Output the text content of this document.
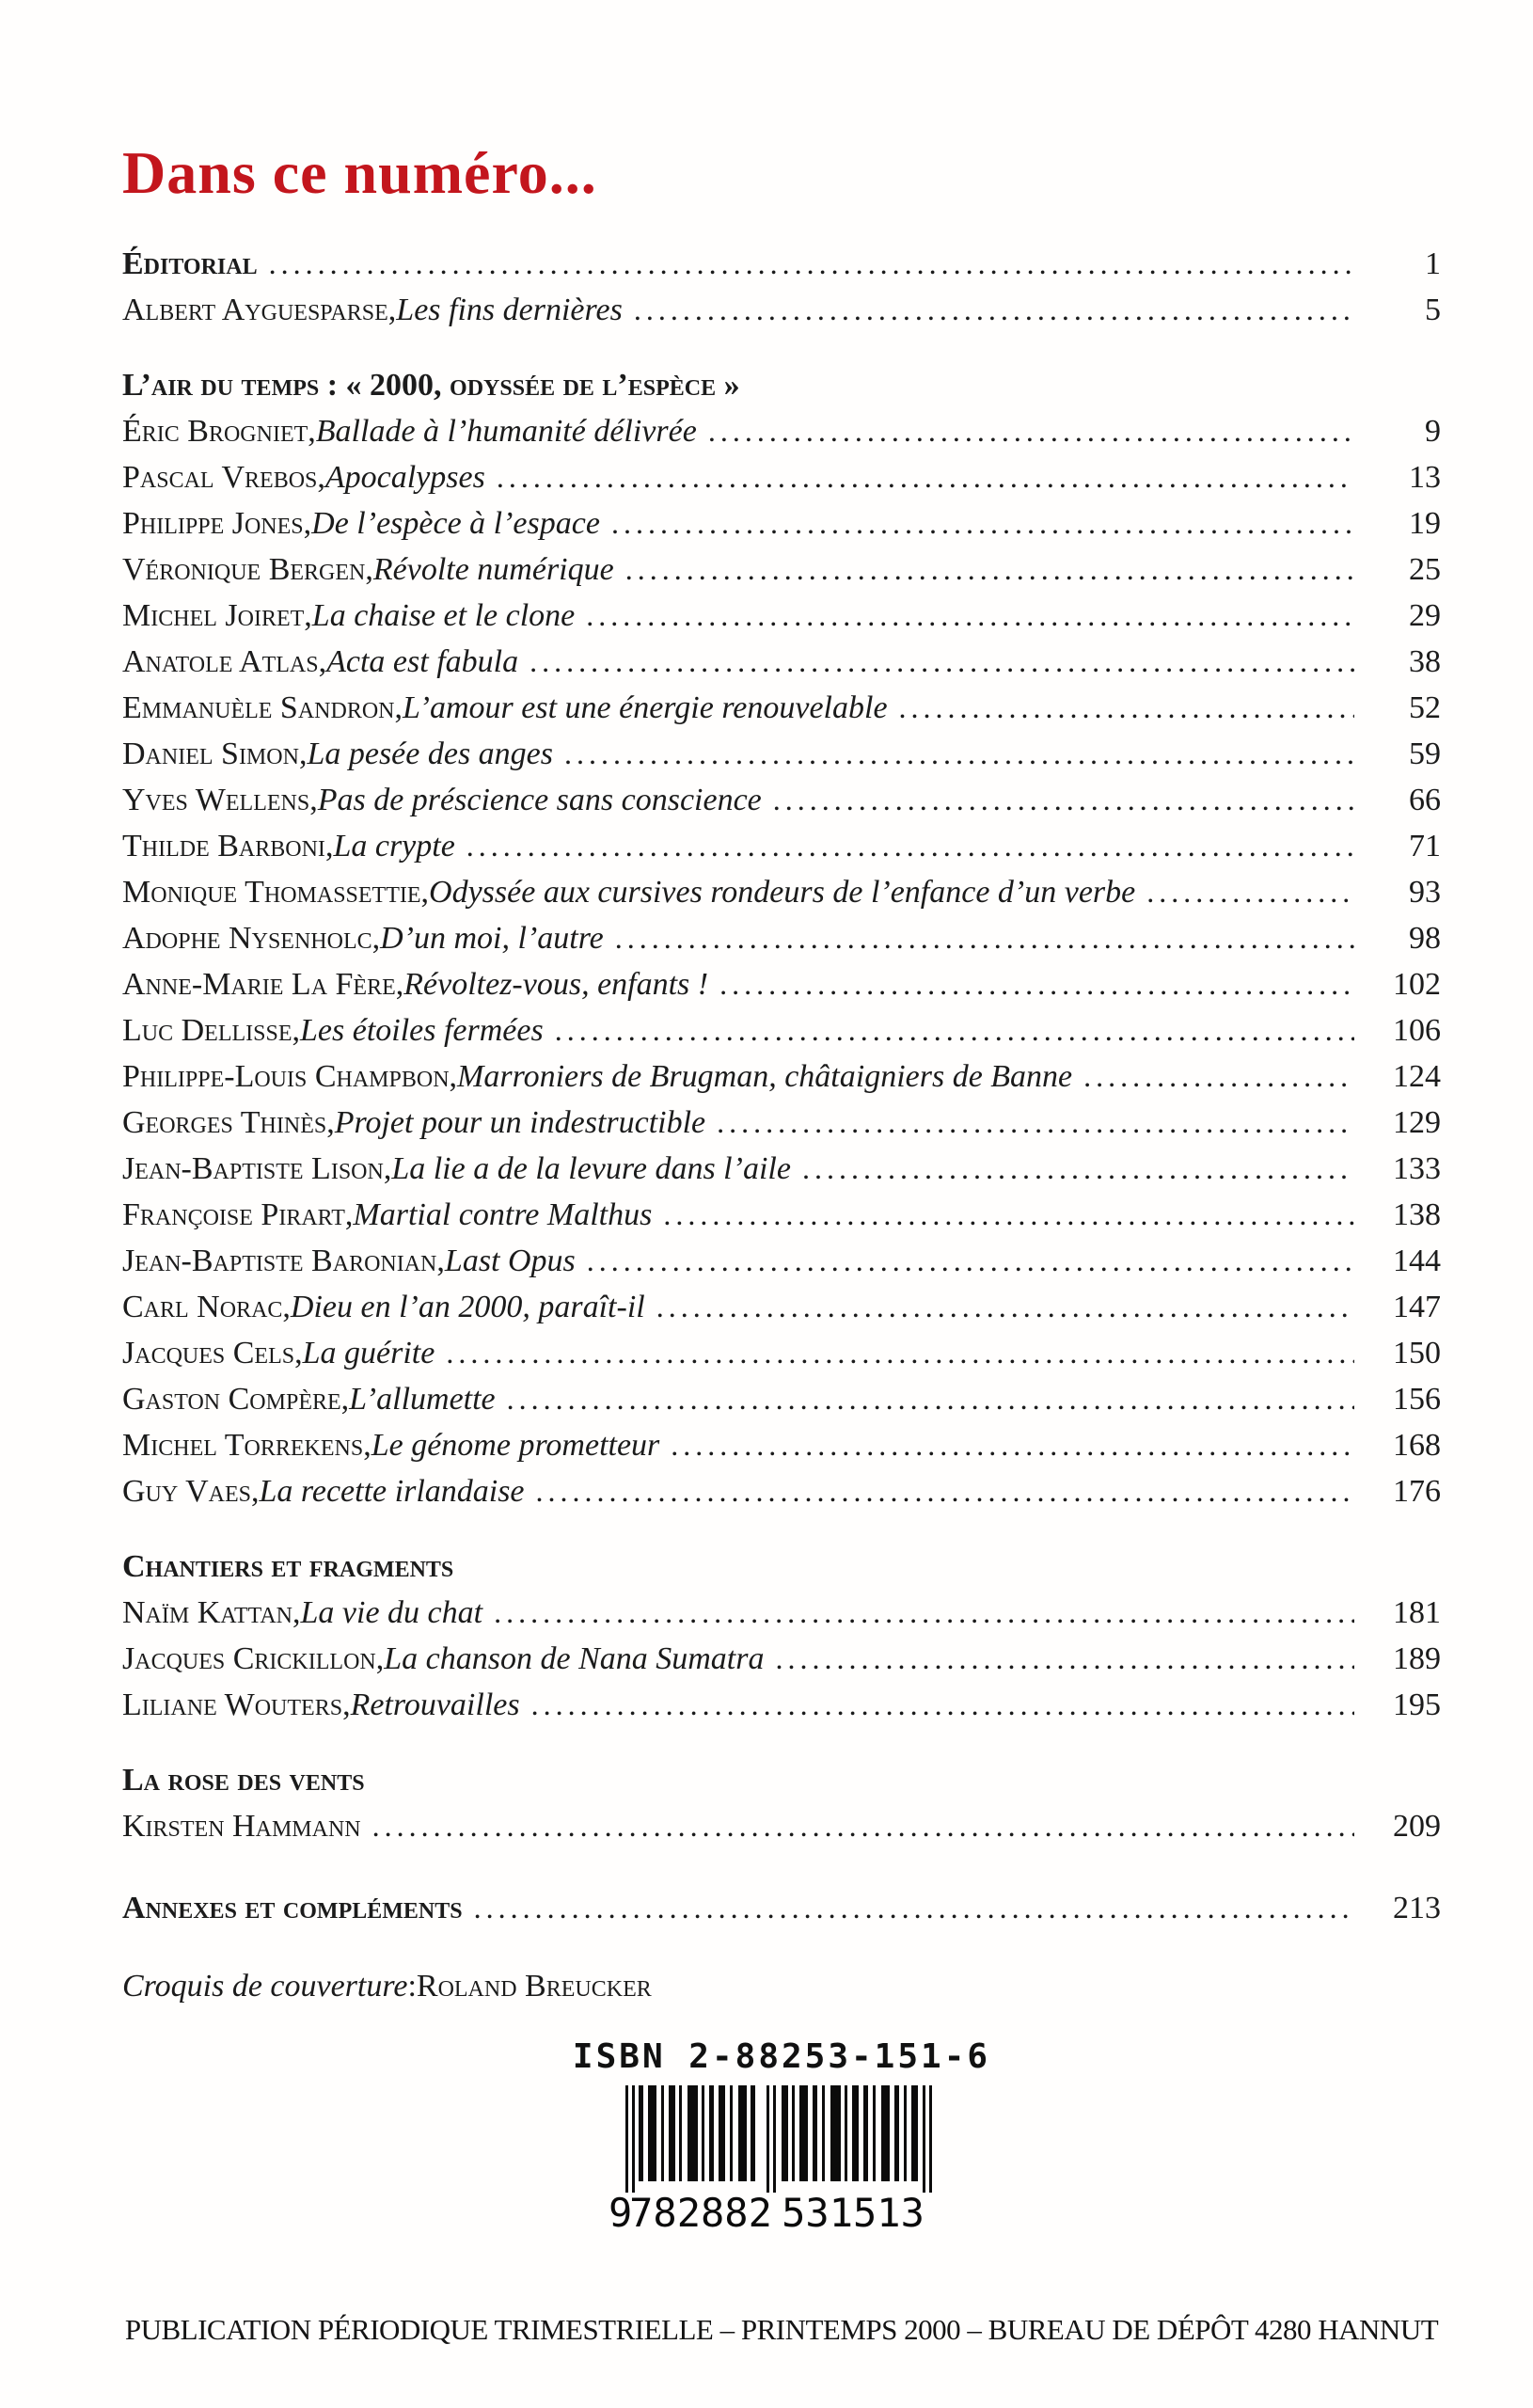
Dans ce numéro...
Éditorial .....	1
Albert Ayguesparse , Les fins dernières .....	5
L’air du temps : « 2000, odyssée de l’espèce »
Éric Brogniet , Ballade à l’humanité délivrée .....	9
Pascal Vrebos , Apocalypses .....	13
Philippe Jones , De l’espèce à l’espace .....	19
Véronique Bergen , Révolte numérique .....	25
Michel Joiret , La chaise et le clone .....	29
Anatole Atlas , Acta est fabula .....	38
Emmanuèle Sandron , L’amour est une énergie renouvelable .....	52
Daniel Simon , La pesée des anges .....	59
Yves Wellens , Pas de préscience sans conscience .....	66
Thilde Barboni , La crypte .....	71
Monique Thomassettie , Odyssée aux cursives rondeurs de l’enfance d’un verbe .....	93
Adophe Nysenholc , D’un moi, l’autre .....	98
Anne-Marie La Fère , Révoltez-vous, enfants ! .....	102
Luc Dellisse , Les étoiles fermées .....	106
Philippe-Louis Champbon , Marroniers de Brugman, châtaigniers de Banne .....	124
Georges Thinès , Projet pour un indestructible .....	129
Jean-Baptiste Lison , La lie a de la levure dans l’aile .....	133
Françoise Pirart , Martial contre Malthus .....	138
Jean-Baptiste Baronian , Last Opus .....	144
Carl Norac , Dieu en l’an 2000, paraît-il .....	147
Jacques Cels , La guérite .....	150
Gaston Compère , L’allumette .....	156
Michel Torrekens , Le génome prometteur .....	168
Guy Vaes , La recette irlandaise .....	176
Chantiers et fragments
Naïm Kattan , La vie du chat .....	181
Jacques Crickillon , La chanson de Nana Sumatra .....	189
Liliane Wouters , Retrouvailles .....	195
La rose des vents
Kirsten Hammann .....	209
Annexes et compléments .....	213
Croquis de couverture : Roland Breucker
ISBN 2-88253-151-6
9
782882 531513
PUBLICATION PÉRIODIQUE TRIMESTRIELLE – PRINTEMPS 2000 – BUREAU DE DÉPÔT 4280 HANNUT
